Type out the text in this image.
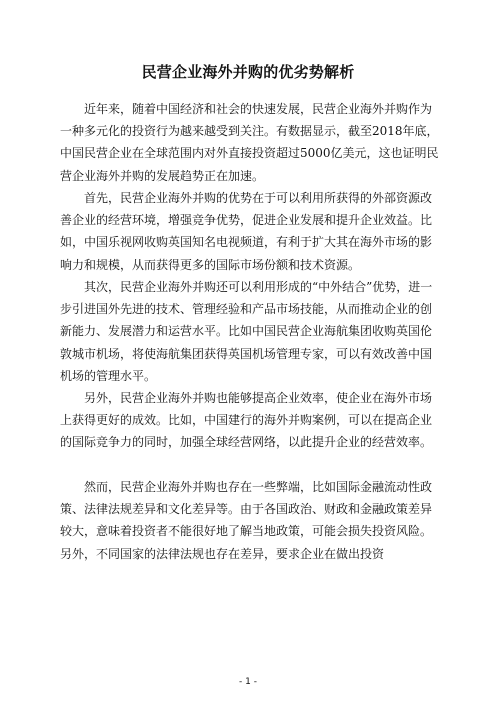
民营企业海外并购的优劣势解析

近年来，随着中国经济和社会的快速发展，民营企业海外并购作为一种多元化的投资行为越来越受到关注。有数据显示，截至2018年底，中国民营企业在全球范围内对外直接投资超过5000亿美元，这也证明民营企业海外并购的发展趋势正在加速。

首先，民营企业海外并购的优势在于可以利用所获得的外部资源改善企业的经营环境，增强竞争优势，促进企业发展和提升企业效益。比如，中国乐视网收购英国知名电视频道，有利于扩大其在海外市场的影响力和规模，从而获得更多的国际市场份额和技术资源。

其次，民营企业海外并购还可以利用形成的“中外结合”优势，进一步引进国外先进的技术、管理经验和产品市场技能，从而推动企业的创新能力、发展潜力和运营水平。比如中国民营企业海航集团收购英国伦敦城市机场，将使海航集团获得英国机场管理专家，可以有效改善中国机场的管理水平。

另外，民营企业海外并购也能够提高企业效率，使企业在海外市场上获得更好的成效。比如，中国建行的海外并购案例，可以在提高企业的国际竞争力的同时，加强全球经营网络，以此提升企业的经营效率。

然而，民营企业海外并购也存在一些弊端，比如国际金融流动性政策、法律法规差异和文化差异等。由于各国政治、财政和金融政策差异较大，意味着投资者不能很好地了解当地政策，可能会损失投资风险。另外，不同国家的法律法规也存在差异，要求企业在做出投资

- 1 -
